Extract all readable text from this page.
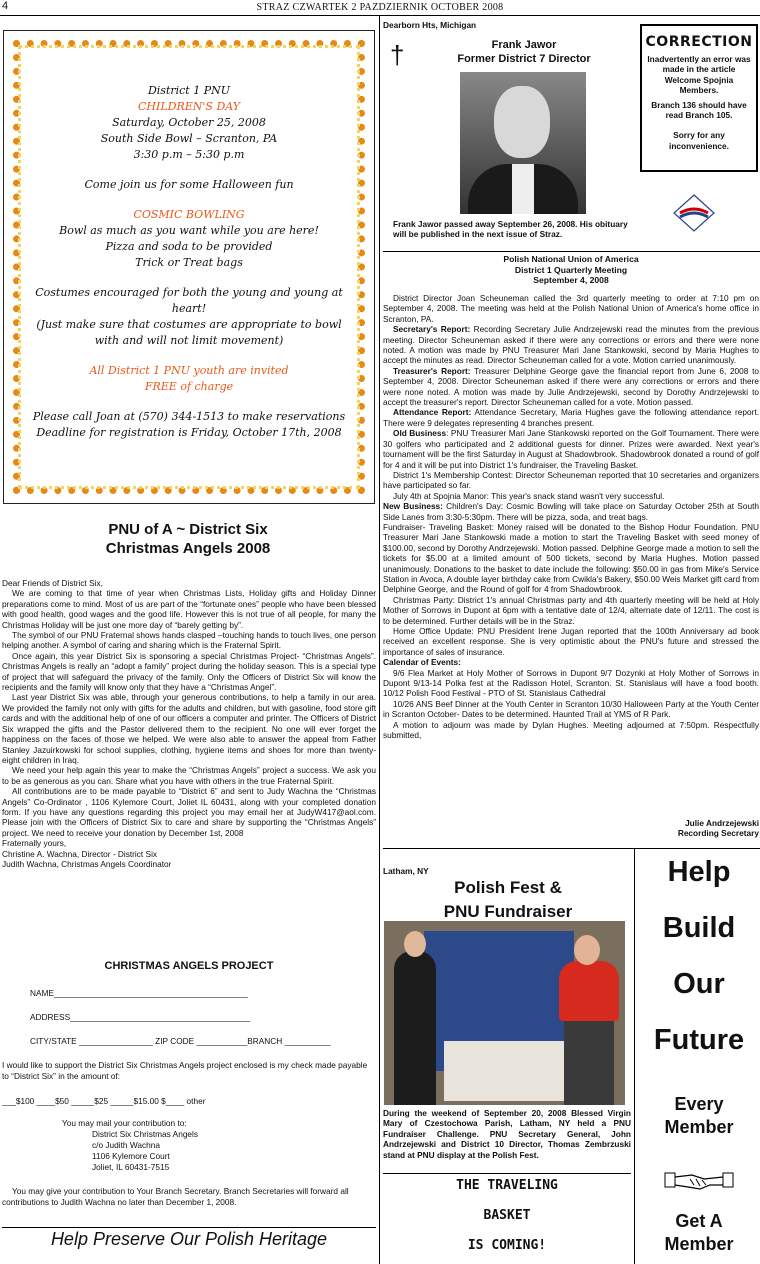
4	STRAZ CZWARTEK 2 PAZDZIERNIK OCTOBER 2008
District 1 PNU
CHILDREN'S DAY
Saturday, October 25, 2008
South Side Bowl – Scranton, PA
3:30 p.m – 5:30 p.m
Come join us for some Halloween fun
COSMIC BOWLING
Bowl as much as you want while you are here!
Pizza and soda to be provided
Trick or Treat bags
Costumes encouraged for both the young and young at heart!
(Just make sure that costumes are appropriate to bowl with and will not limit movement)
All District 1 PNU youth are invited
FREE of charge
Please call Joan at (570) 344-1513 to make reservations
Deadline for registration is Friday, October 17th, 2008
PNU of A ~ District Six
Christmas Angels 2008

Dear Friends of District Six,

We are coming to that time of year when Christmas Lists, Holiday gifts and Holiday Dinner preparations come to mind. Most of us are part of the “fortunate ones” people who have been blessed with good health, good wages and the good life. However this is not true of all people, for many the Christmas Holiday will be just one more day of “barely getting by”.

The symbol of our PNU Fraternal shows hands clasped –touching hands to touch lives, one person helping another. A symbol of caring and sharing which is the Fraternal Spirit.

Once again, this year District Six is sponsoring a special Christmas Project- “Christmas Angels”. Christmas Angels is really an “adopt a family” project during the holiday season. This is a special type of project that will safeguard the privacy of the family. Only the Officers of District Six will know the recipients and the family will know only that they have a “Christmas Angel”.

Last year District Six was able, through your generous contributions, to help a family in our area. We provided the family not only with gifts for the adults and children, but with gasoline, food store gift cards and with the additional help of one of our officers a computer and printer. The Officers of District Six wrapped the gifts and the Pastor delivered them to the recipient. No one will ever forget the happiness on the faces of those we helped. We were also able to answer the appeal from Father Stanley Jazuirkowski for school supplies, clothing, hygiene items and shoes for more than twenty-eight children in Iraq.

We need your help again this year to make the “Christmas Angels” project a success. We ask you to be as generous as you can. Share what you have with others in the true Fraternal Spirit.

All contributions are to be made payable to “District 6” and sent to Judy Wachna the “Christmas Angels” Co-Ordinator , 1106 Kylemore Court, Joliet IL 60431, along with your completed donation form. If you have any questions regarding this project you may email her at JudyW417@aol.com. Please join with the Officers of District Six to care and share by supporting the “Christmas Angels” project. We need to receive your donation by December 1st, 2008

Fraternally yours,

Christine A. Wachna, Director - District Six

Judith Wachna, Christmas Angels Coordinator

CHRISTMAS ANGELS PROJECT
NAME__________________________________________
ADDRESS_______________________________________
CITY/STATE ________________ ZIP CODE ___________BRANCH __________
I would like to support the District Six Christmas Angels project enclosed is my check made payable to “District Six” in the amount of:
___$100 ____$50 _____$25 _____$15.00 $____ other
You may mail your contribution to:
District Six Christmas Angels
c/o Judith Wachna
1106 Kylemore Court
Joliet, IL 60431-7515
You may give your contribution to Your Branch Secretary. Branch Secretaries will forward all contributions to Judith Wachna no later than December 1, 2008.
Help Preserve Our Polish Heritage
Dearborn Hts, Michigan
†	Frank Jawor
Former District 7 Director
Frank Jawor passed away September 26, 2008. His obituary will be published in the next issue of Straz.
CORRECTION
Inadvertently an error was made in the article Welcome Spojnia Members.
Branch 136 should have read Branch 105.
Sorry for any inconvenience.
Polish National Union of America
District 1 Quarterly Meeting
September 4, 2008

District Director Joan Scheuneman called the 3rd quarterly meeting to order at 7:10 pm on September 4, 2008. The meeting was held at the Polish National Union of America's home office in Scranton, PA.

Secretary's Report: Recording Secretary Julie Andrzejewski read the minutes from the previous meeting. Director Scheuneman asked if there were any corrections or errors and there were none noted. A motion was made by PNU Treasurer Mari Jane Stankowski, second by Maria Hughes to accept the minutes as read. Director Scheuneman called for a vote. Motion carried unanimously.

Treasurer's Report: Treasurer Delphine George gave the financial report from June 6, 2008 to September 4, 2008. Director Scheuneman asked if there were any corrections or errors and there were none noted. A motion was made by Julie Andrzejewski, second by Dorothy Andrzejewski to accept the treasurer's report. Director Scheuneman called for a vote. Motion passed.

Attendance Report: Attendance Secretary, Maria Hughes gave the following attendance report. There were 9 delegates representing 4 branches present.

Old Business: PNU Treasurer Mari Jane Stankowski reported on the Golf Tournament. There were 30 golfers who participated and 2 additional guests for dinner. Prizes were awarded. Next year's tournament will be the first Saturday in August at Shadowbrook. Shadowbrook donated a round of golf for 4 and it will be put into District 1's fundraiser, the Traveling Basket.

District 1's Membership Contest: Director Scheuneman reported that 10 secretaries and organizers have participated so far.

July 4th at Spojnia Manor: This year's snack stand wasn't very successful.

New Business: Children's Day: Cosmic Bowling will take place on Saturday October 25th at South Side Lanes from 3:30-5:30pm. There will be pizza, soda, and treat bags.

Fundraiser- Traveling Basket: Money raised will be donated to the Bishop Hodur Foundation. PNU Treasurer Mari Jane Stankowski made a motion to start the Traveling Basket with seed money of $100.00, second by Dorothy Andrzejewski. Motion passed. Delphine George made a motion to sell the tickets for $5.00 at a limited amount of 500 tickets, second by Maria Hughes. Motion passed unanimously. Donations to the basket to date include the following: $50.00 in gas from Mike's Service Station in Avoca, A double layer birthday cake from Cwikla's Bakery, $50.00 Weis Market gift card from Delphine George, and the Round of golf for 4 from Shadowbrook.

Christmas Party: District 1's annual Christmas party and 4th quarterly meeting will be held at Holy Mother of Sorrows in Dupont at 6pm with a tentative date of 12/4, alternate date of 12/11. The cost is to be determined. Further details will be in the Straz.

Home Office Update: PNU President Irene Jugan reported that the 100th Anniversary ad book received an excellent response. She is very optimistic about the PNU's future and stressed the importance of sales of insurance.

Calendar of Events:

9/6 Flea Market at Holy Mother of Sorrows in Dupont 9/7 Dozynki at Holy Mother of Sorrows in Dupont 9/13-14 Polka fest at the Radisson Hotel, Scranton. St. Stanislaus will have a food booth. 10/12 Polish Food Festival - PTO of St. Stanislaus Cathedral

10/26 ANS Beef Dinner at the Youth Center in Scranton 10/30 Halloween Party at the Youth Center in Scranton October- Dates to be determined. Haunted Trail at YMS of R Park.

A motion to adjourn was made by Dylan Hughes. Meeting adjourned at 7:50pm. Respectfully submitted,

Julie Andrzejewski
Recording Secretary
Latham, NY
Polish Fest &
PNU Fundraiser
During the weekend of September 20, 2008 Blessed Virgin Mary of Czestochowa Parish, Latham, NY held a PNU Fundraiser Challenge. PNU Secretary General, John Andrzejewski and District 10 Director, Thomas Zembrzuski stand at PNU display at the Polish Fest.
THE TRAVELING
BASKET
IS COMING!
Help
Build
Our
Future
Every
Member
Get A
Member
